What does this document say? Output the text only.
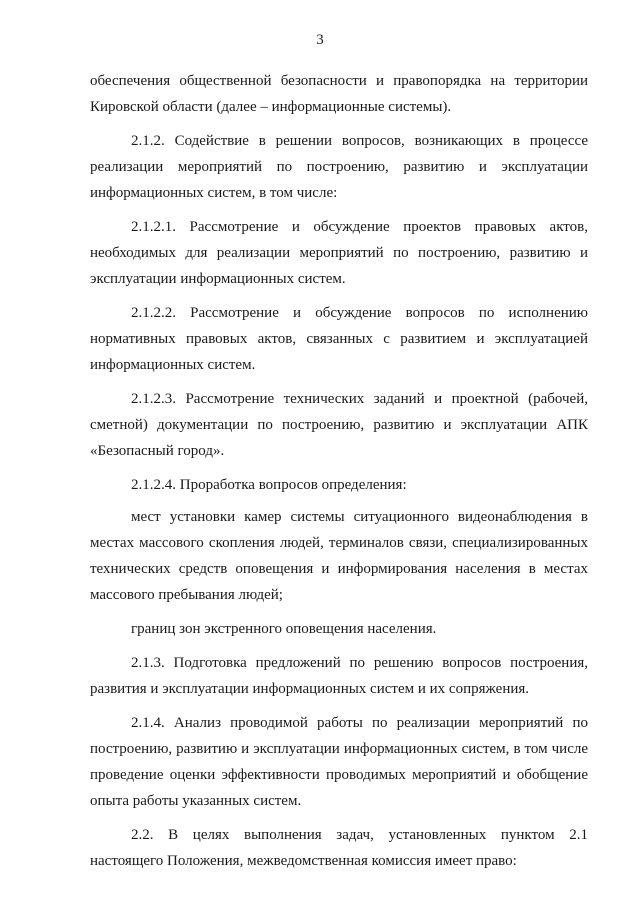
3

обеспечения общественной безопасности и правопорядка на территории Кировской области (далее – информационные системы).

2.1.2. Содействие в решении вопросов, возникающих в процессе реализации мероприятий по построению, развитию и эксплуатации информационных систем, в том числе:

2.1.2.1. Рассмотрение и обсуждение проектов правовых актов, необходимых для реализации мероприятий по построению, развитию и эксплуатации информационных систем.

2.1.2.2. Рассмотрение и обсуждение вопросов по исполнению нормативных правовых актов, связанных с развитием и эксплуатацией информационных систем.

2.1.2.3. Рассмотрение технических заданий и проектной (рабочей, сметной) документации по построению, развитию и эксплуатации АПК «Безопасный город».

2.1.2.4. Проработка вопросов определения:

мест установки камер системы ситуационного видеонаблюдения в местах массового скопления людей, терминалов связи, специализированных технических средств оповещения и информирования населения в местах массового пребывания людей;

границ зон экстренного оповещения населения.

2.1.3. Подготовка предложений по решению вопросов построения, развития и эксплуатации информационных систем и их сопряжения.

2.1.4. Анализ проводимой работы по реализации мероприятий по построению, развитию и эксплуатации информационных систем, в том числе проведение оценки эффективности проводимых мероприятий и обобщение опыта работы указанных систем.

2.2. В целях выполнения задач, установленных пунктом 2.1 настоящего Положения, межведомственная комиссия имеет право:
